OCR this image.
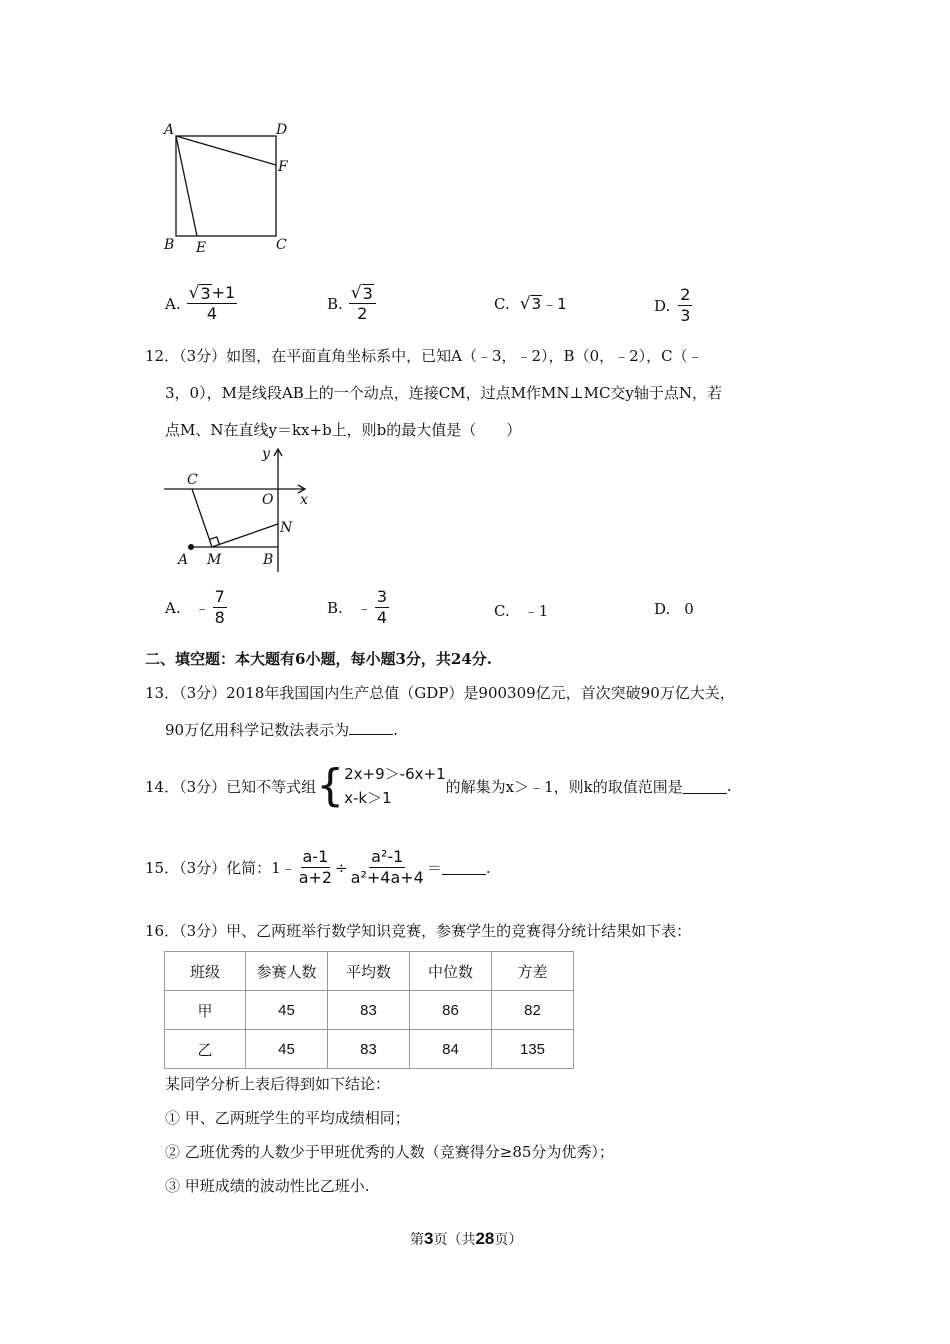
A	D
F
B E	C
A. $\frac{√ 3 +1}{4}$	B. $\frac{√ 3}{2}$	C. √ 3 ﹣1	D. $\frac{2}{3}$
12．（3分）如图，在平面直角坐标系中，已知A（﹣3，﹣2），B（0，﹣2），C（﹣
3，0），M是线段AB上的一个动点，连接CM，过点M作MN⊥MC交y轴于点N，若
点M、N在直线y＝kx+b上，则b的最大值是（　　）
y
C
O x
N
A M	B
A. ﹣ $\frac{7}{8}$	B. ﹣ $\frac{3}{4}$	C. ﹣1	D. 0
二、填空题：本大题有6小题，每小题3分，共24分.
13．（3分）2018年我国国内生产总值（GDP）是900309亿元，首次突破90万亿大关，
90万亿用科学记数法表示为	.
14．（3分）已知不等式组 { 2x+9＞-6x+1
x-k＞1
的解集为x＞﹣1，则k的取值范围是	.
15．（3分）化简：1﹣ $\frac{a-1}{a+2} \div \frac{\text{a²-1}}{\text{a²+4a+4}}$ ＝	.
16．（3分）甲、乙两班举行数学知识竞赛，参赛学生的竞赛得分统计结果如下表：
班级	参赛人数	平均数	中位数	方差
甲	45	83	86	82
乙	45	83	84	135
某同学分析上表后得到如下结论：
① 甲、乙两班学生的平均成绩相同；
② 乙班优秀的人数少于甲班优秀的人数（竞赛得分≥85分为优秀）；
③ 甲班成绩的波动性比乙班小.
第3页（共28页）
